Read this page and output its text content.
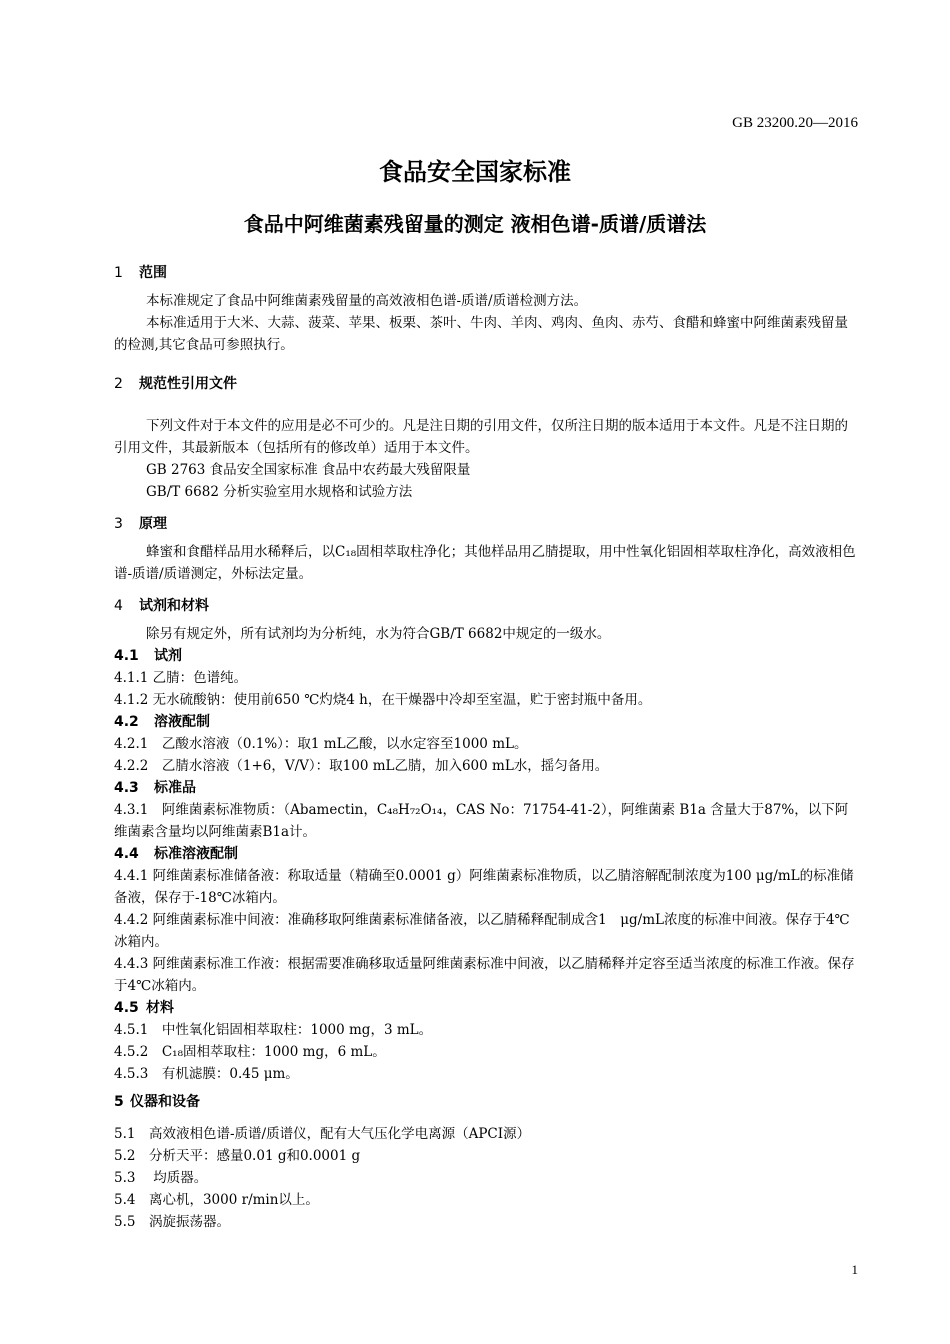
GB 23200.20—2016
食品安全国家标准
食品中阿维菌素残留量的测定 液相色谱-质谱/质谱法
1 范围

本标准规定了食品中阿维菌素残留量的高效液相色谱-质谱/质谱检测方法。

本标准适用于大米、大蒜、菠菜、苹果、板栗、茶叶、牛肉、羊肉、鸡肉、鱼肉、赤芍、食醋和蜂蜜中阿维菌素残留量的检测,其它食品可参照执行。

2 规范性引用文件

下列文件对于本文件的应用是必不可少的。凡是注日期的引用文件，仅所注日期的版本适用于本文件。凡是不注日期的引用文件，其最新版本（包括所有的修改单）适用于本文件。

GB 2763 食品安全国家标准 食品中农药最大残留限量

GB/T 6682 分析实验室用水规格和试验方法

3 原理

蜂蜜和食醋样品用水稀释后，以C₁₈固相萃取柱净化；其他样品用乙腈提取，用中性氧化铝固相萃取柱净化，高效液相色谱-质谱/质谱测定，外标法定量。

4 试剂和材料

除另有规定外，所有试剂均为分析纯，水为符合GB/T 6682中规定的一级水。

4.1 试剂

4.1.1 乙腈：色谱纯。

4.1.2 无水硫酸钠：使用前650 ℃灼烧4 h，在干燥器中冷却至室温，贮于密封瓶中备用。

4.2 溶液配制

4.2.1　乙酸水溶液（0.1%）：取1 mL乙酸，以水定容至1000 mL。

4.2.2　乙腈水溶液（1+6，V/V）：取100 mL乙腈，加入600 mL水，摇匀备用。

4.3 标准品

4.3.1　阿维菌素标准物质：（Abamectin，C₄₈H₇₂O₁₄，CAS No：71754-41-2），阿维菌素 B1a 含量大于87%，以下阿维菌素含量均以阿维菌素B1a计。

4.4 标准溶液配制

4.4.1 阿维菌素标准储备液：称取适量（精确至0.0001 g）阿维菌素标准物质，以乙腈溶解配制浓度为100 μg/mL的标准储备液，保存于-18℃冰箱内。

4.4.2 阿维菌素标准中间液：准确移取阿维菌素标准储备液，以乙腈稀释配制成含1　μg/mL浓度的标准中间液。保存于4℃冰箱内。

4.4.3 阿维菌素标准工作液：根据需要准确移取适量阿维菌素标准中间液，以乙腈稀释并定容至适当浓度的标准工作液。保存于4℃冰箱内。

4.5 材料

4.5.1　中性氧化铝固相萃取柱：1000 mg，3 mL。

4.5.2　C₁₈固相萃取柱：1000 mg，6 mL。

4.5.3　有机滤膜：0.45 μm。

5 仪器和设备

5.1　高效液相色谱-质谱/质谱仪，配有大气压化学电离源（APCI源）

5.2　分析天平：感量0.01 g和0.0001 g

5.3　 均质器。

5.4　离心机，3000 r/min以上。

5.5　涡旋振荡器。

1
